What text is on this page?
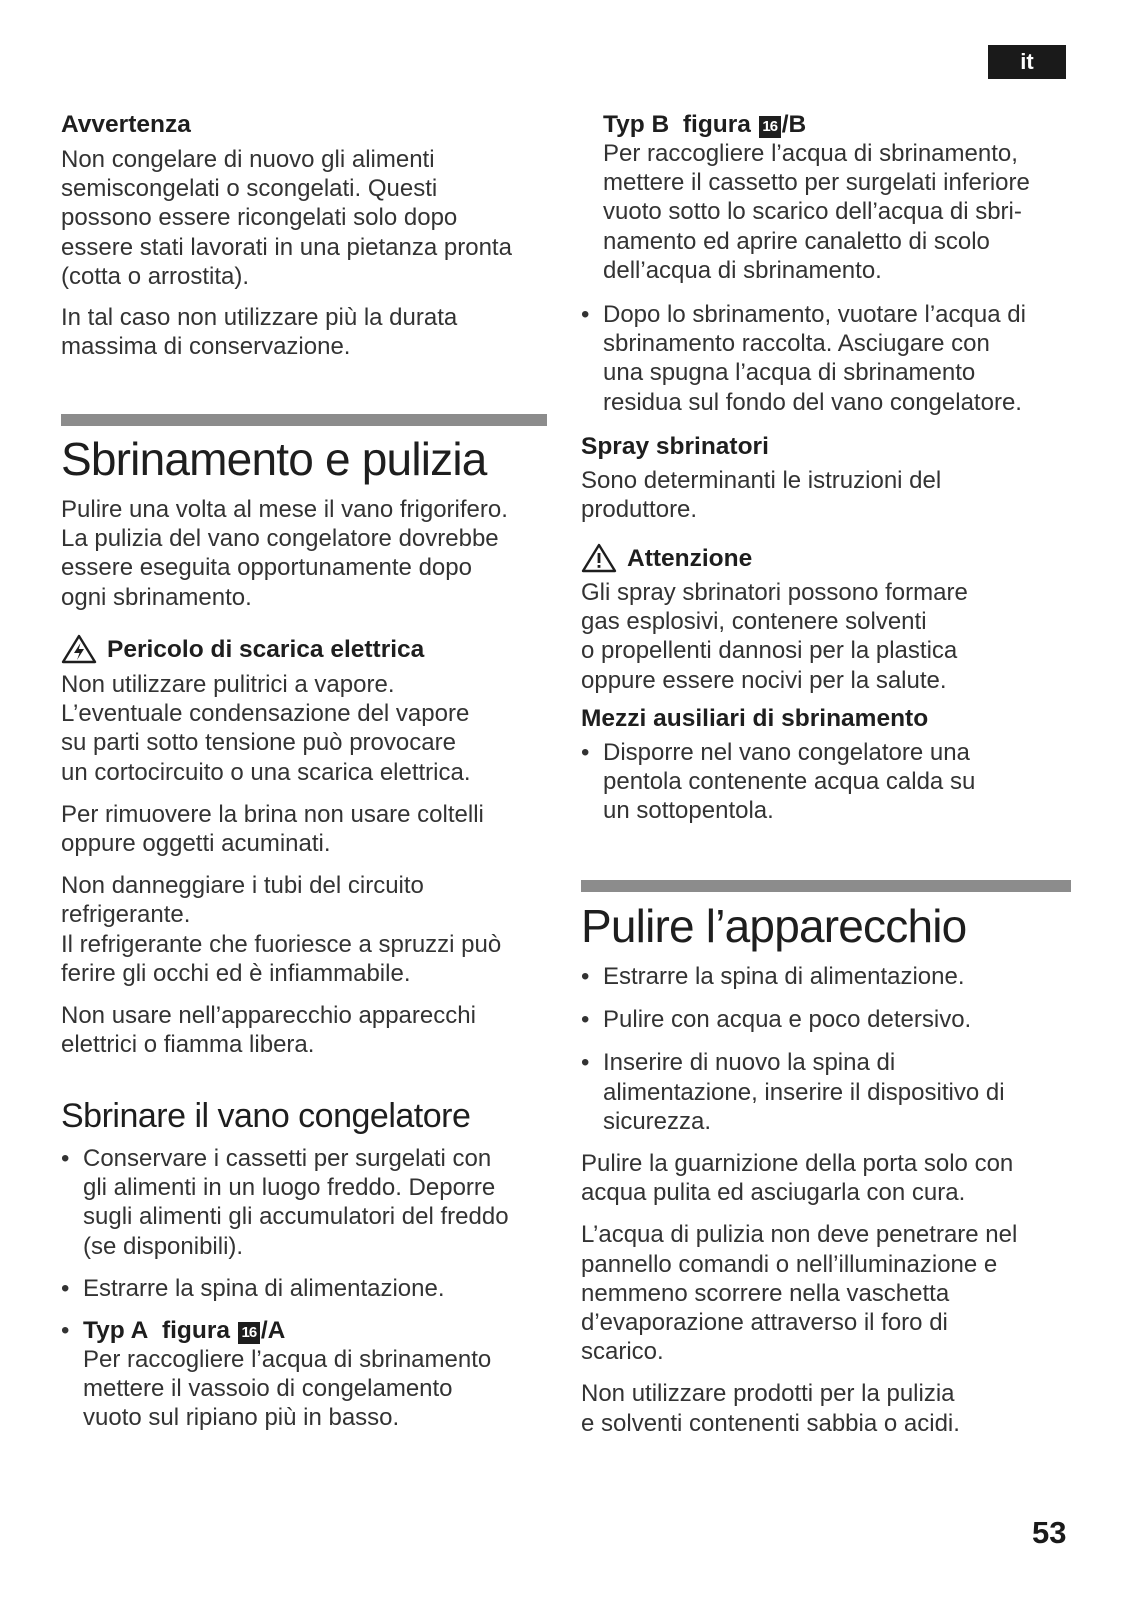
it
Avvertenza
Non congelare di nuovo gli alimenti
semiscongelati o scongelati. Questi
possono essere ricongelati solo dopo
essere stati lavorati in una pietanza pronta
(cotta o arrostita).
In tal caso non utilizzare più la durata
massima di conservazione.
Sbrinamento e pulizia
Pulire una volta al mese il vano frigorifero.
La pulizia del vano congelatore dovrebbe
essere eseguita opportunamente dopo
ogni sbrinamento.
Pericolo di scarica elettrica
Non utilizzare pulitrici a vapore.
L’eventuale condensazione del vapore
su parti sotto tensione può provocare
un cortocircuito o una scarica elettrica.
Per rimuovere la brina non usare coltelli
oppure oggetti acuminati.
Non danneggiare i tubi del circuito
refrigerante.
Il refrigerante che fuoriesce a spruzzi può
ferire gli occhi ed è infiammabile.
Non usare nell’apparecchio apparecchi
elettrici o fiamma libera.
Sbrinare il vano congelatore
• Conservare i cassetti per surgelati con
gli alimenti in un luogo freddo. Deporre
sugli alimenti gli accumulatori del freddo
(se disponibili).
• Estrarre la spina di alimentazione.
• Typ A figura 16 /A
Per raccogliere l’acqua di sbrinamento
mettere il vassoio di congelamento
vuoto sul ripiano più in basso.
Typ B figura 16 /B
Per raccogliere l’acqua di sbrinamento,
mettere il cassetto per surgelati inferiore
vuoto sotto lo scarico dell’acqua di sbri-
namento ed aprire canaletto di scolo
dell’acqua di sbrinamento.
• Dopo lo sbrinamento, vuotare l’acqua di
sbrinamento raccolta. Asciugare con
una spugna l’acqua di sbrinamento
residua sul fondo del vano congelatore.
Spray sbrinatori
Sono determinanti le istruzioni del
produttore.
Attenzione
Gli spray sbrinatori possono formare
gas esplosivi, contenere solventi
o propellenti dannosi per la plastica
oppure essere nocivi per la salute.
Mezzi ausiliari di sbrinamento
• Disporre nel vano congelatore una
pentola contenente acqua calda su
un sottopentola.
Pulire l’apparecchio
• Estrarre la spina di alimentazione.
• Pulire con acqua e poco detersivo.
• Inserire di nuovo la spina di
alimentazione, inserire il dispositivo di
sicurezza.
Pulire la guarnizione della porta solo con
acqua pulita ed asciugarla con cura.
L’acqua di pulizia non deve penetrare nel
pannello comandi o nell’illuminazione e
nemmeno scorrere nella vaschetta
d’evaporazione attraverso il foro di
scarico.
Non utilizzare prodotti per la pulizia
e solventi contenenti sabbia o acidi.
53
